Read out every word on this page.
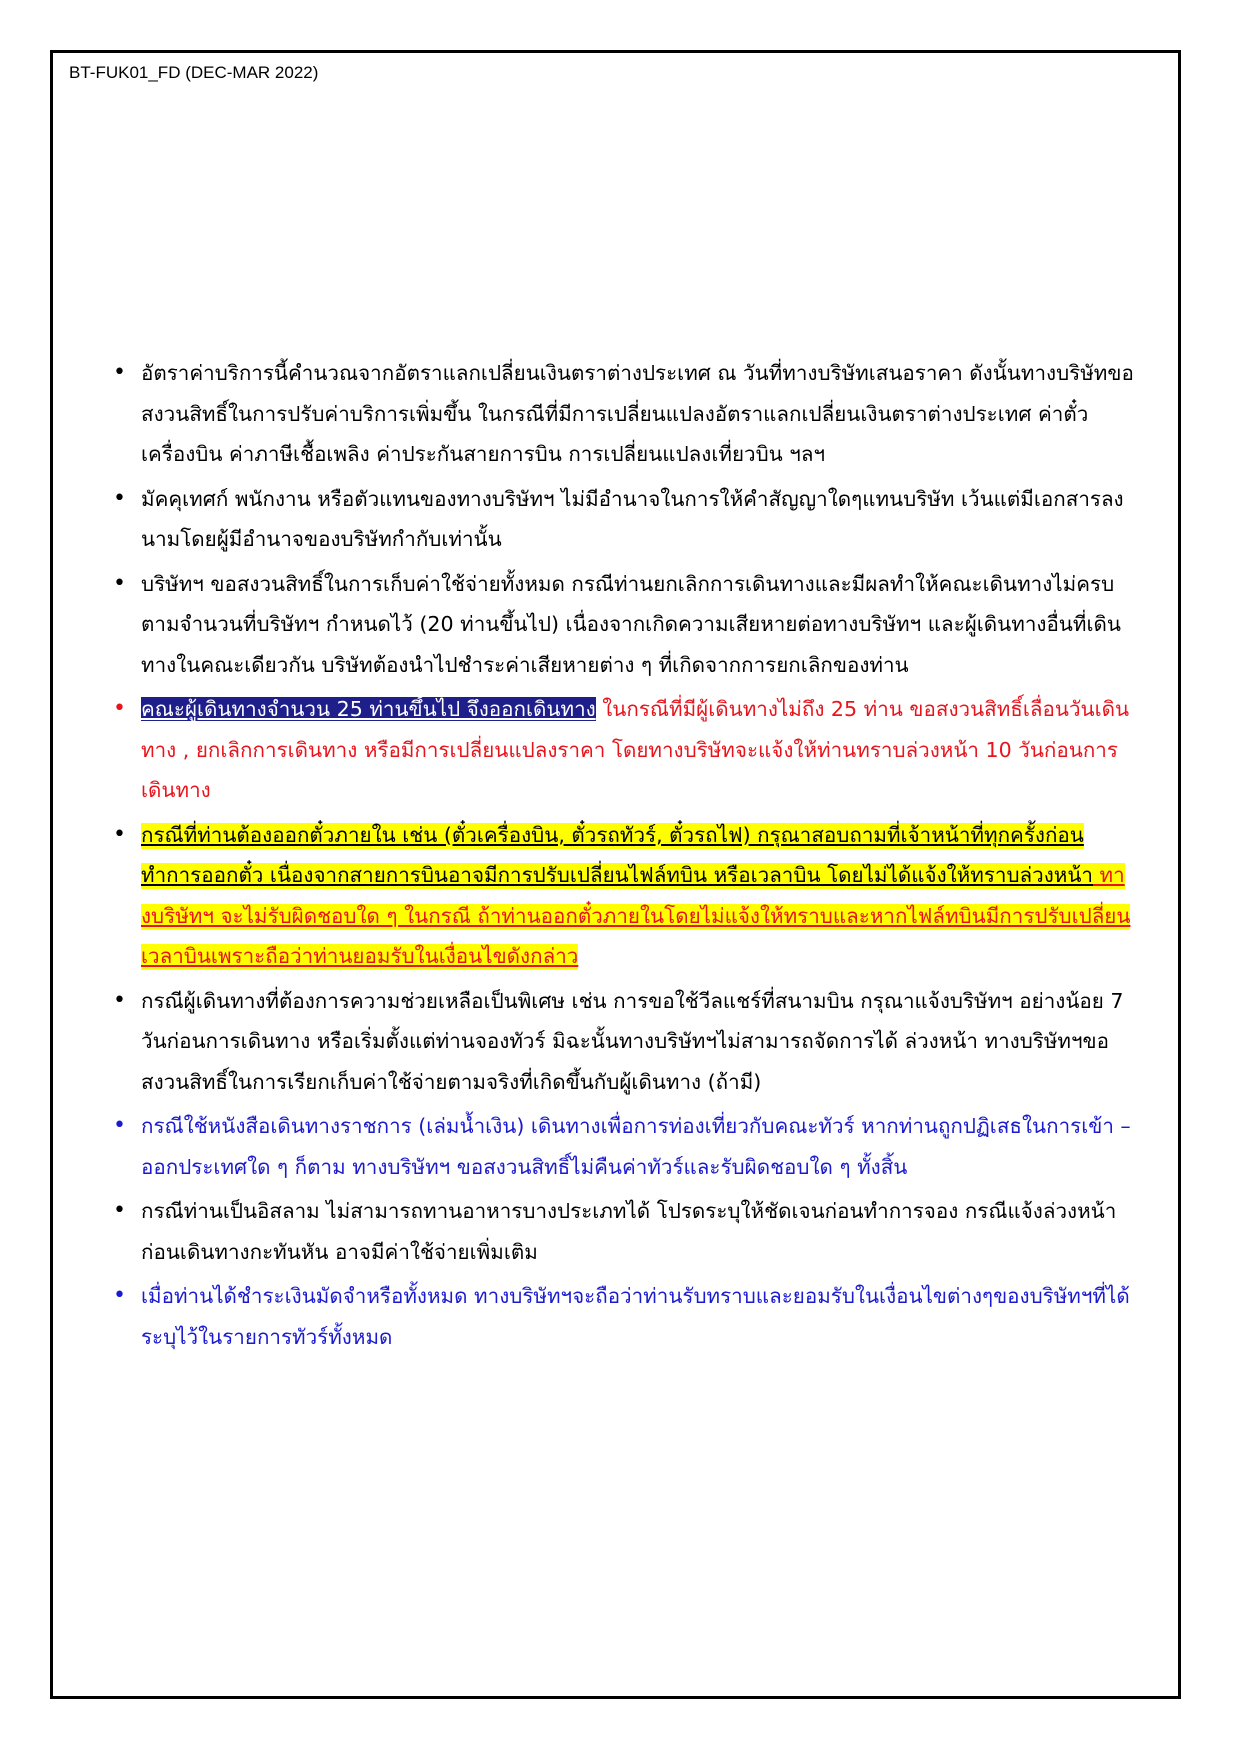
BT-FUK01_FD (DEC-MAR 2022)
• อัตราค่าบริการนี้คำนวณจากอัตราแลกเปลี่ยนเงินตราต่างประเทศ ณ วันที่ทางบริษัทเสนอราคา ดังนั้นทางบริษัทขอสงวนสิทธิ์ในการปรับค่าบริการเพิ่มขึ้น ในกรณีที่มีการเปลี่ยนแปลงอัตราแลกเปลี่ยนเงินตราต่างประเทศ ค่าตั๋วเครื่องบิน ค่าภาษีเชื้อเพลิง ค่าประกันสายการบิน การเปลี่ยนแปลงเที่ยวบิน ฯลฯ
• มัคคุเทศก์ พนักงาน หรือตัวแทนของทางบริษัทฯ ไม่มีอำนาจในการให้คำสัญญาใดๆแทนบริษัท เว้นแต่มีเอกสารลงนามโดยผู้มีอำนาจของบริษัทกำกับเท่านั้น
• บริษัทฯ ขอสงวนสิทธิ์ในการเก็บค่าใช้จ่ายทั้งหมด กรณีท่านยกเลิกการเดินทางและมีผลทำให้คณะเดินทางไม่ครบตามจำนวนที่บริษัทฯ กำหนดไว้ (20 ท่านขึ้นไป) เนื่องจากเกิดความเสียหายต่อทางบริษัทฯ และผู้เดินทางอื่นที่เดินทางในคณะเดียวกัน บริษัทต้องนำไปชำระค่าเสียหายต่าง ๆ ที่เกิดจากการยกเลิกของท่าน
• คณะผู้เดินทางจำนวน 25 ท่านขึ้นไป จึงออกเดินทาง ในกรณีที่มีผู้เดินทางไม่ถึง 25 ท่าน ขอสงวนสิทธิ์เลื่อนวันเดินทาง , ยกเลิกการเดินทาง หรือมีการเปลี่ยนแปลงราคา โดยทางบริษัทจะแจ้งให้ท่านทราบล่วงหน้า 10 วันก่อนการเดินทาง
• กรณีที่ท่านต้องออกตั๋วภายใน เช่น (ตั๋วเครื่องบิน, ตั๋วรถทัวร์, ตั๋วรถไฟ) กรุณาสอบถามที่เจ้าหน้าที่ทุกครั้งก่อนทำการออกตั๋ว เนื่องจากสายการบินอาจมีการปรับเปลี่ยนไฟล์ทบิน หรือเวลาบิน โดยไม่ได้แจ้งให้ทราบล่วงหน้า ทางบริษัทฯ จะไม่รับผิดชอบใด ๆ ในกรณี ถ้าท่านออกตั๋วภายในโดยไม่แจ้งให้ทราบและหากไฟล์ทบินมีการปรับเปลี่ยนเวลาบินเพราะถือว่าท่านยอมรับในเงื่อนไขดังกล่าว
• กรณีผู้เดินทางที่ต้องการความช่วยเหลือเป็นพิเศษ เช่น การขอใช้วีลแชร์ที่สนามบิน กรุณาแจ้งบริษัทฯ อย่างน้อย 7 วันก่อนการเดินทาง หรือเริ่มตั้งแต่ท่านจองทัวร์ มิฉะนั้นทางบริษัทฯไม่สามารถจัดการได้ ล่วงหน้า ทางบริษัทฯขอสงวนสิทธิ์ในการเรียกเก็บค่าใช้จ่ายตามจริงที่เกิดขึ้นกับผู้เดินทาง (ถ้ามี)
• กรณีใช้หนังสือเดินทางราชการ (เล่มน้ำเงิน) เดินทางเพื่อการท่องเที่ยวกับคณะทัวร์ หากท่านถูกปฏิเสธในการเข้า – ออกประเทศใด ๆ ก็ตาม ทางบริษัทฯ ขอสงวนสิทธิ์ไม่คืนค่าทัวร์และรับผิดชอบใด ๆ ทั้งสิ้น
• กรณีท่านเป็นอิสลาม ไม่สามารถทานอาหารบางประเภทได้ โปรดระบุให้ชัดเจนก่อนทำการจอง กรณีแจ้งล่วงหน้าก่อนเดินทางกะทันหัน อาจมีค่าใช้จ่ายเพิ่มเติม
• เมื่อท่านได้ชำระเงินมัดจำหรือทั้งหมด ทางบริษัทฯจะถือว่าท่านรับทราบและยอมรับในเงื่อนไขต่างๆของบริษัทฯที่ได้ระบุไว้ในรายการทัวร์ทั้งหมด
